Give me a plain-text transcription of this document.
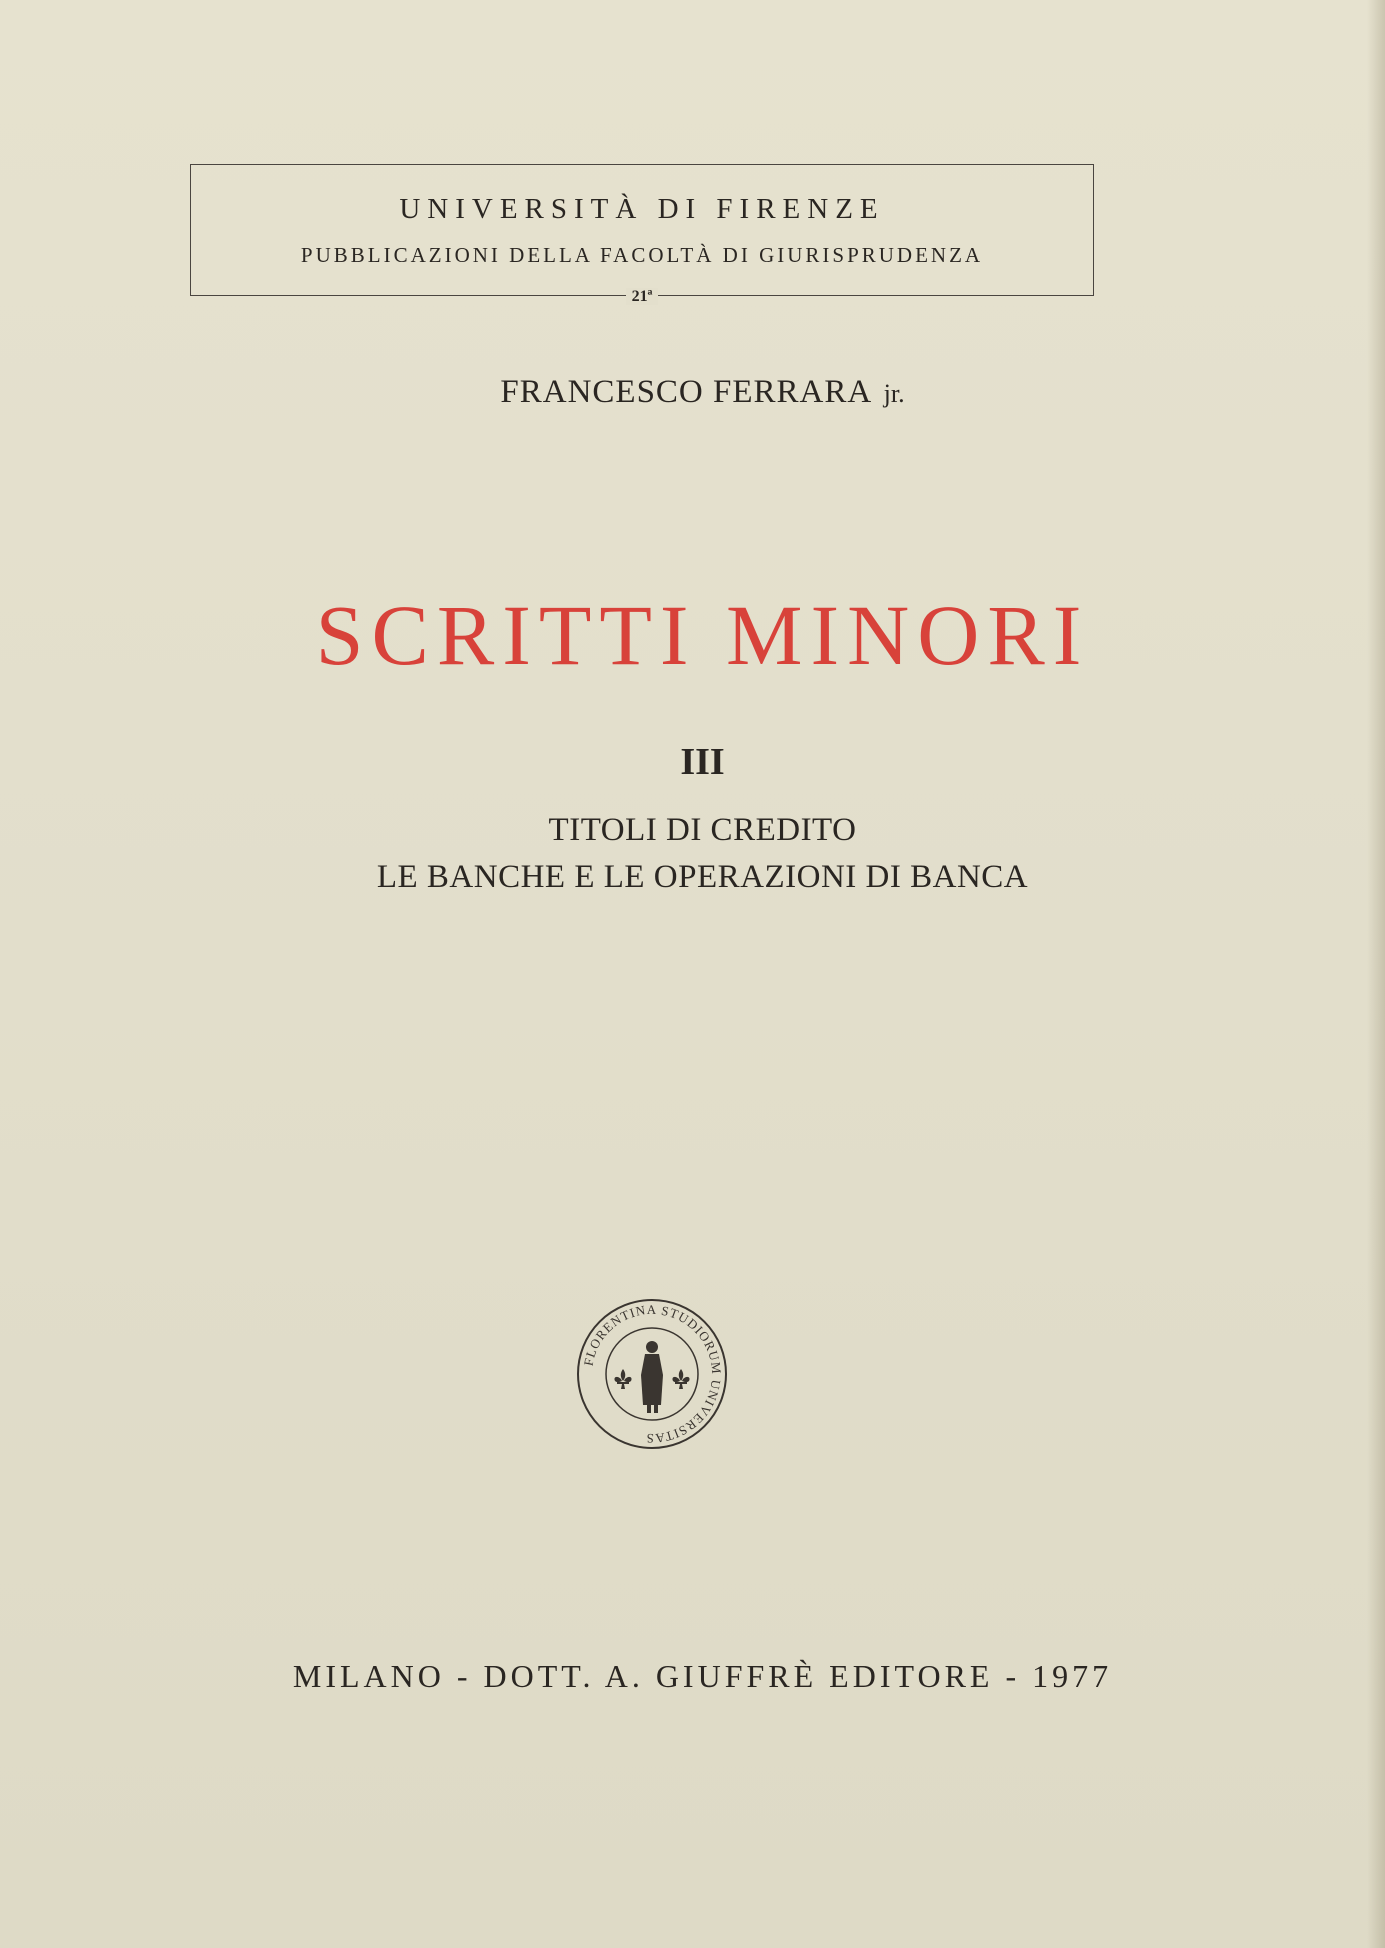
UNIVERSITÀ DI FIRENZE
PUBBLICAZIONI DELLA FACOLTÀ DI GIURISPRUDENZA
21ª
FRANCESCO FERRARA jr.
SCRITTI MINORI
III
TITOLI DI CREDITO
LE BANCHE E LE OPERAZIONI DI BANCA
FLORENTINA STUDIORUM UNIVERSITAS
MILANO - DOTT. A. GIUFFRÈ EDITORE - 1977
